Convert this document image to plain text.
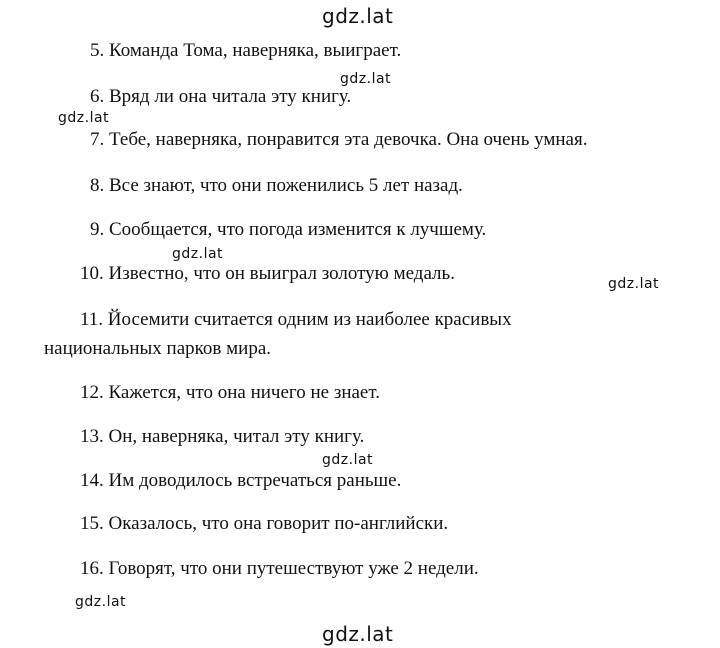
gdz.lat
gdz.lat
gdz.lat
gdz.lat
gdz.lat
gdz.lat
gdz.lat
gdz.lat
5. Команда Тома, наверняка, выиграет.
6. Вряд ли она читала эту книгу.
7. Тебе, наверняка, понравится эта девочка. Она очень умная.
8. Все знают, что они поженились 5 лет назад.
9. Сообщается, что погода изменится к лучшему.
10. Известно, что он выиграл золотую медаль.
11. Йосемити считается одним из наиболее красивых
национальных парков мира.
12. Кажется, что она ничего не знает.
13. Он, наверняка, читал эту книгу.
14. Им доводилось встречаться раньше.
15. Оказалось, что она говорит по-английски.
16. Говорят, что они путешествуют уже 2 недели.
